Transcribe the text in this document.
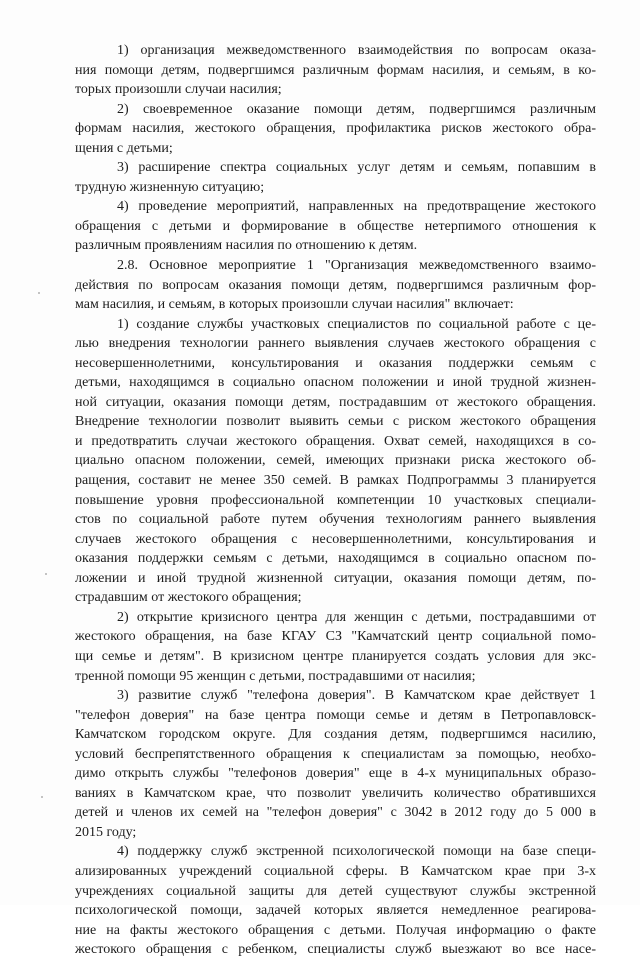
1) организация межведомственного взаимодействия по вопросам оказа-
ния помощи детям, подвергшимся различным формам насилия, и семьям, в ко-
торых произошли случаи насилия;
2) своевременное оказание помощи детям, подвергшимся различным
формам насилия, жестокого обращения, профилактика рисков жестокого обра-
щения с детьми;
3) расширение спектра социальных услуг детям и семьям, попавшим в
трудную жизненную ситуацию;
4) проведение мероприятий, направленных на предотвращение жестокого
обращения с детьми и формирование в обществе нетерпимого отношения к
различным проявлениям насилия по отношению к детям.
2.8. Основное мероприятие 1 "Организация межведомственного взаимо-
действия по вопросам оказания помощи детям, подвергшимся различным фор-
мам насилия, и семьям, в которых произошли случаи насилия" включает:
1) создание службы участковых специалистов по социальной работе с це-
лью внедрения технологии раннего выявления случаев жестокого обращения с
несовершеннолетними, консультирования и оказания поддержки семьям с
детьми, находящимся в социально опасном положении и иной трудной жизнен-
ной ситуации, оказания помощи детям, пострадавшим от жестокого обращения.
Внедрение технологии позволит выявить семьи с риском жестокого обращения
и предотвратить случаи жестокого обращения. Охват семей, находящихся в со-
циально опасном положении, семей, имеющих признаки риска жестокого об-
ращения, составит не менее 350 семей. В рамках Подпрограммы 3 планируется
повышение уровня профессиональной компетенции 10 участковых специали-
стов по социальной работе путем обучения технологиям раннего выявления
случаев жестокого обращения с несовершеннолетними, консультирования и
оказания поддержки семьям с детьми, находящимся в социально опасном по-
ложении и иной трудной жизненной ситуации, оказания помощи детям, по-
страдавшим от жестокого обращения;
2) открытие кризисного центра для женщин с детьми, пострадавшими от
жестокого обращения, на базе КГАУ СЗ "Камчатский центр социальной помо-
щи семье и детям". В кризисном центре планируется создать условия для экс-
тренной помощи 95 женщин с детьми, пострадавшими от насилия;
3) развитие служб "телефона доверия". В Камчатском крае действует 1
"телефон доверия" на базе центра помощи семье и детям в Петропавловск-
Камчатском городском округе. Для создания детям, подвергшимся насилию,
условий беспрепятственного обращения к специалистам за помощью, необхо-
димо открыть службы "телефонов доверия" еще в 4-х муниципальных образо-
ваниях в Камчатском крае, что позволит увеличить количество обратившихся
детей и членов их семей на "телефон доверия" с 3042 в 2012 году до 5 000 в
2015 году;
4) поддержку служб экстренной психологической помощи на базе специ-
ализированных учреждений социальной сферы. В Камчатском крае при 3-х
учреждениях социальной защиты для детей существуют службы экстренной
психологической помощи, задачей которых является немедленное реагирова-
ние на факты жестокого обращения с детьми. Получая информацию о факте
жестокого обращения с ребенком, специалисты служб выезжают во все насе-
